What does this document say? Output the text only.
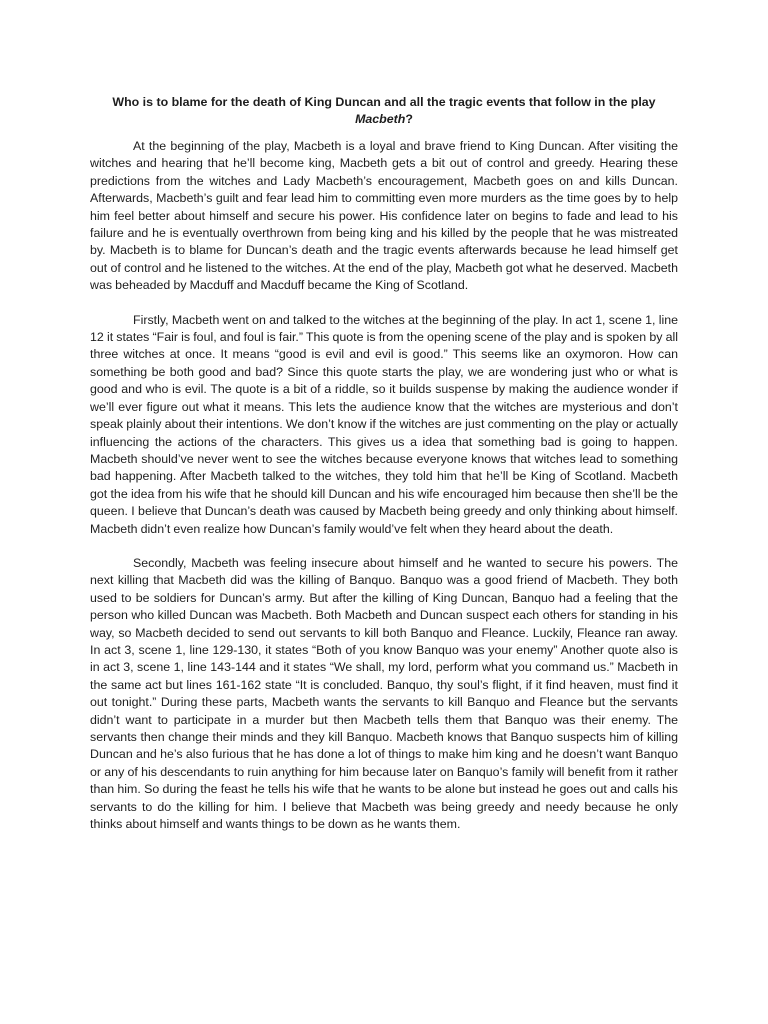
Who is to blame for the death of King Duncan and all the tragic events that follow in the play
Macbeth?

At the beginning of the play, Macbeth is a loyal and brave friend to King Duncan. After visiting the witches and hearing that he’ll become king, Macbeth gets a bit out of control and greedy. Hearing these predictions from the witches and Lady Macbeth’s encouragement, Macbeth goes on and kills Duncan. Afterwards, Macbeth’s guilt and fear lead him to committing even more murders as the time goes by to help him feel better about himself and secure his power. His confidence later on begins to fade and lead to his failure and he is eventually overthrown from being king and his killed by the people that he was mistreated by. Macbeth is to blame for Duncan’s death and the tragic events afterwards because he lead himself get out of control and he listened to the witches. At the end of the play, Macbeth got what he deserved. Macbeth was beheaded by Macduff and Macduff became the King of Scotland.

Firstly, Macbeth went on and talked to the witches at the beginning of the play. In act 1, scene 1, line 12 it states “Fair is foul, and foul is fair.” This quote is from the opening scene of the play and is spoken by all three witches at once. It means “good is evil and evil is good.” This seems like an oxymoron. How can something be both good and bad? Since this quote starts the play, we are wondering just who or what is good and who is evil. The quote is a bit of a riddle, so it builds suspense by making the audience wonder if we’ll ever figure out what it means. This lets the audience know that the witches are mysterious and don’t speak plainly about their intentions. We don’t know if the witches are just commenting on the play or actually influencing the actions of the characters. This gives us a idea that something bad is going to happen. Macbeth should’ve never went to see the witches because everyone knows that witches lead to something bad happening. After Macbeth talked to the witches, they told him that he’ll be King of Scotland. Macbeth got the idea from his wife that he should kill Duncan and his wife encouraged him because then she’ll be the queen. I believe that Duncan’s death was caused by Macbeth being greedy and only thinking about himself. Macbeth didn’t even realize how Duncan’s family would’ve felt when they heard about the death.

Secondly, Macbeth was feeling insecure about himself and he wanted to secure his powers. The next killing that Macbeth did was the killing of Banquo. Banquo was a good friend of Macbeth. They both used to be soldiers for Duncan’s army. But after the killing of King Duncan, Banquo had a feeling that the person who killed Duncan was Macbeth. Both Macbeth and Duncan suspect each others for standing in his way, so Macbeth decided to send out servants to kill both Banquo and Fleance. Luckily, Fleance ran away. In act 3, scene 1, line 129-130, it states “Both of you know Banquo was your enemy” Another quote also is in act 3, scene 1, line 143-144 and it states “We shall, my lord, perform what you command us.” Macbeth in the same act but lines 161-162 state “It is concluded. Banquo, thy soul’s flight, if it find heaven, must find it out tonight.” During these parts, Macbeth wants the servants to kill Banquo and Fleance but the servants didn’t want to participate in a murder but then Macbeth tells them that Banquo was their enemy. The servants then change their minds and they kill Banquo. Macbeth knows that Banquo suspects him of killing Duncan and he’s also furious that he has done a lot of things to make him king and he doesn’t want Banquo or any of his descendants to ruin anything for him because later on Banquo’s family will benefit from it rather than him. So during the feast he tells his wife that he wants to be alone but instead he goes out and calls his servants to do the killing for him. I believe that Macbeth was being greedy and needy because he only thinks about himself and wants things to be down as he wants them.
